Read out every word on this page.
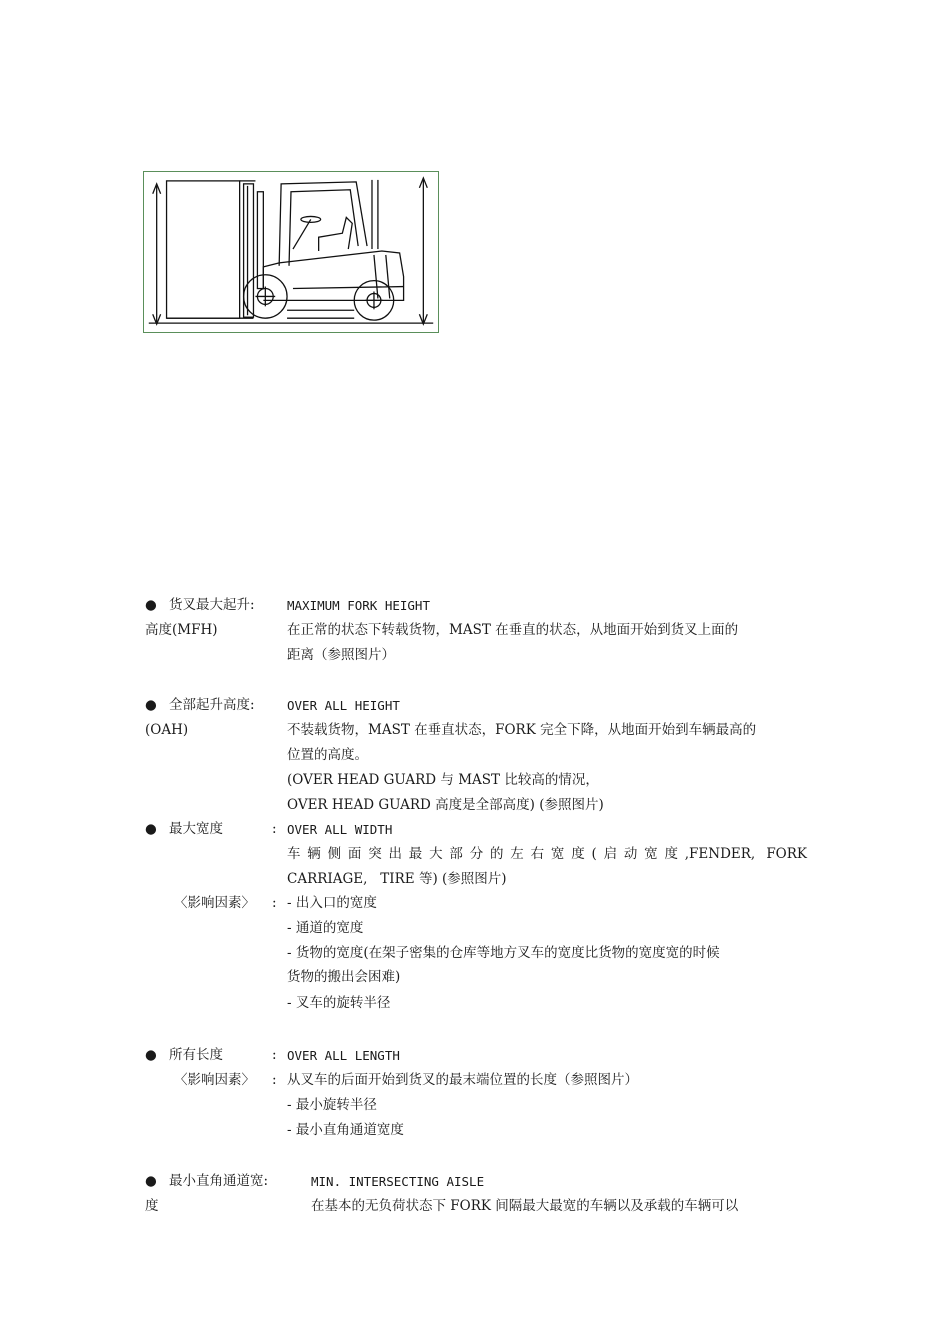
● 货叉最大起升:	MAXIMUM FORK HEIGHT
高度(MFH)	在正常的状态下转载货物，MAST 在垂直的状态，从地面开始到货叉上面的
距离（参照图片）
● 全部起升高度:	OVER ALL HEIGHT
(OAH)	不装载货物，MAST 在垂直状态，FORK 完全下降，从地面开始到车辆最高的
位置的高度。
(OVER HEAD GUARD 与 MAST 比较高的情况，
OVER HEAD GUARD 高度是全部高度) (参照图片)
● 最大宽度	: OVER ALL WIDTH
车辆侧面突出最大部分的左右宽度(启动宽度,FENDER, FORK
CARRIAGE,   TIRE 等) (参照图片)
〈影响因素〉 : - 出入口的宽度
- 通道的宽度
- 货物的宽度(在架子密集的仓库等地方叉车的宽度比货物的宽度宽的时候
货物的搬出会困难)
- 叉车的旋转半径
● 所有长度	: OVER ALL LENGTH
〈影响因素〉 : 从叉车的后面开始到货叉的最末端位置的长度（参照图片）
- 最小旋转半径
- 最小直角通道宽度
● 最小直角通道宽:	MIN. INTERSECTING AISLE
度	在基本的无负荷状态下 FORK 间隔最大最宽的车辆以及承载的车辆可以
